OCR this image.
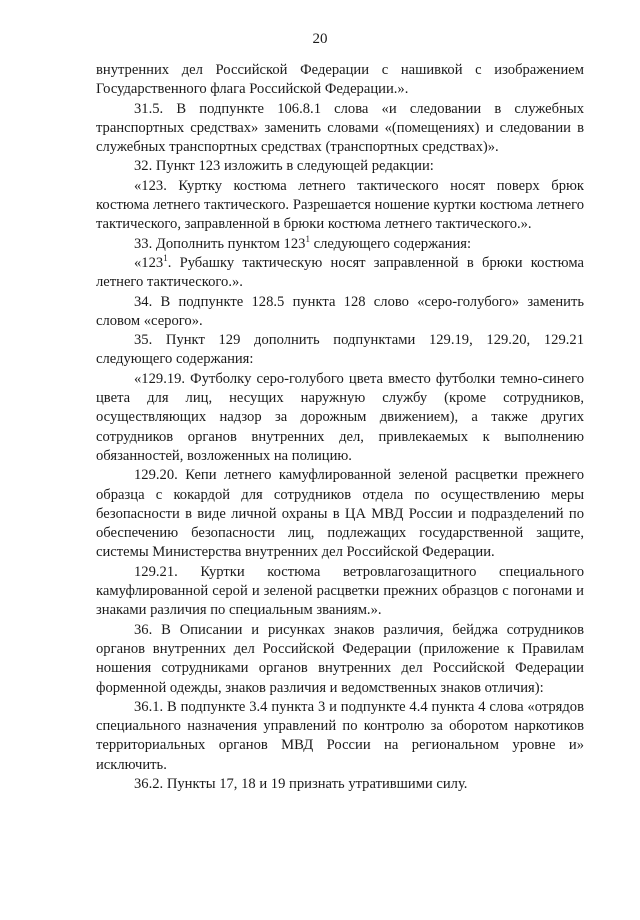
20

внутренних дел Российской Федерации с нашивкой с изображением Государственного флага Российской Федерации.».

31.5. В подпункте 106.8.1 слова «и следовании в служебных транспортных средствах» заменить словами «(помещениях) и следовании в служебных транспортных средствах (транспортных средствах)».

32. Пункт 123 изложить в следующей редакции:

«123. Куртку костюма летнего тактического носят поверх брюк костюма летнего тактического. Разрешается ношение куртки костюма летнего тактического, заправленной в брюки костюма летнего тактического.».

33. Дополнить пунктом $123^1$ следующего содержания:

«$123^1$. Рубашку тактическую носят заправленной в брюки костюма летнего тактического.».

34. В подпункте 128.5 пункта 128 слово «серо-голубого» заменить словом «серого».

35. Пункт 129 дополнить подпунктами 129.19, 129.20, 129.21 следующего содержания:

«129.19. Футболку серо-голубого цвета вместо футболки темно-синего цвета для лиц, несущих наружную службу (кроме сотрудников, осуществляющих надзор за дорожным движением), а также других сотрудников органов внутренних дел, привлекаемых к выполнению обязанностей, возложенных на полицию.

129.20. Кепи летнего камуфлированной зеленой расцветки прежнего образца с кокардой для сотрудников отдела по осуществлению меры безопасности в виде личной охраны в ЦА МВД России и подразделений по обеспечению безопасности лиц, подлежащих государственной защите, системы Министерства внутренних дел Российской Федерации.

129.21. Куртки костюма ветровлагозащитного специального камуфлированной серой и зеленой расцветки прежних образцов с погонами и знаками различия по специальным званиям.».

36. В Описании и рисунках знаков различия, бейджа сотрудников органов внутренних дел Российской Федерации (приложение к Правилам ношения сотрудниками органов внутренних дел Российской Федерации форменной одежды, знаков различия и ведомственных знаков отличия):

36.1. В подпункте 3.4 пункта 3 и подпункте 4.4 пункта 4 слова «отрядов специального назначения управлений по контролю за оборотом наркотиков территориальных органов МВД России на региональном уровне и» исключить.

36.2. Пункты 17, 18 и 19 признать утратившими силу.
